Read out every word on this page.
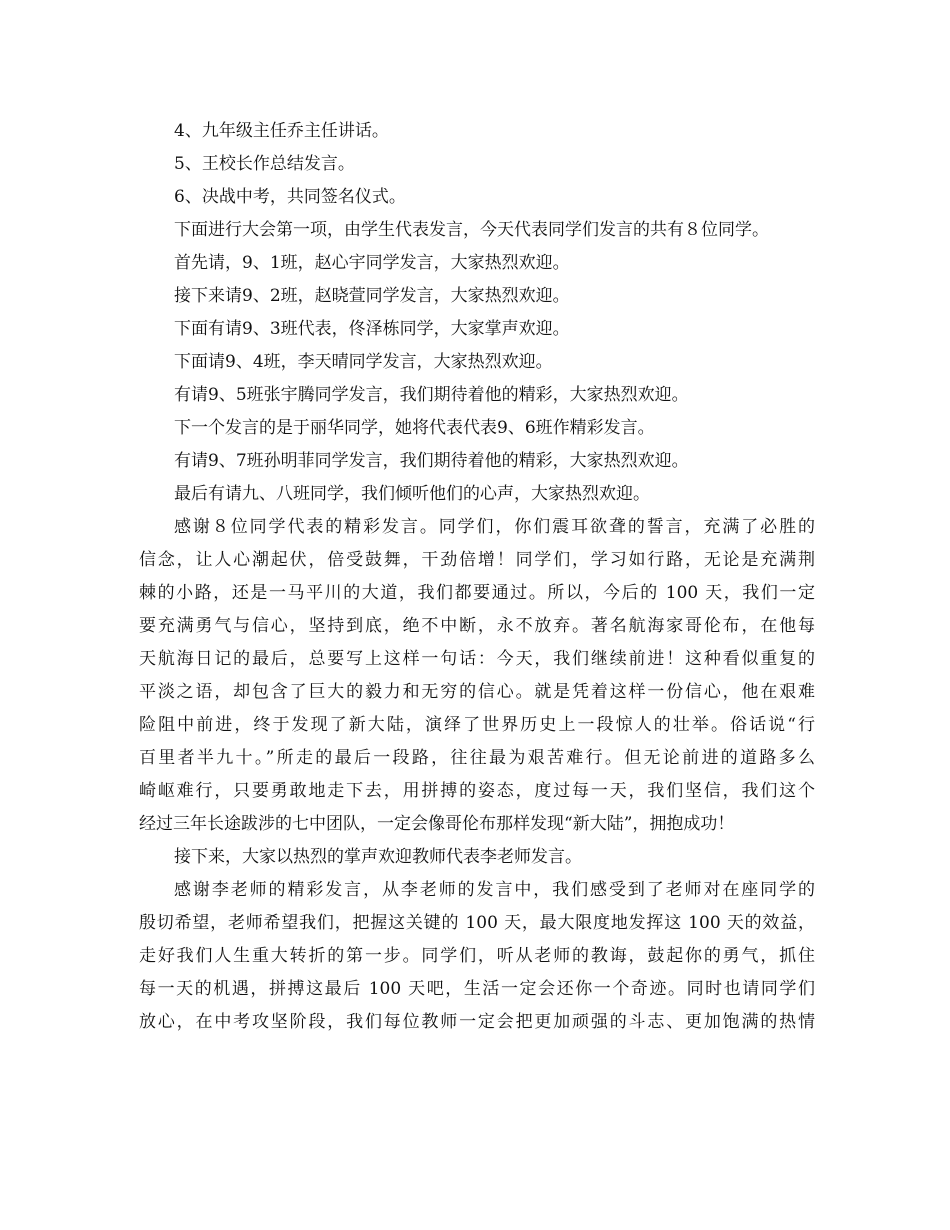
4、九年级主任乔主任讲话。
5、王校长作总结发言。
6、决战中考，共同签名仪式。
下面进行大会第一项，由学生代表发言，今天代表同学们发言的共有８位同学。
首先请，9、1班，赵心宇同学发言，大家热烈欢迎。
接下来请9、2班，赵晓萱同学发言，大家热烈欢迎。
下面有请9、3班代表，佟泽栋同学，大家掌声欢迎。
下面请9、4班，李天晴同学发言，大家热烈欢迎。
有请9、5班张宇腾同学发言，我们期待着他的精彩，大家热烈欢迎。
下一个发言的是于丽华同学，她将代表代表9、6班作精彩发言。
有请9、7班孙明菲同学发言，我们期待着他的精彩，大家热烈欢迎。
最后有请九、八班同学，我们倾听他们的心声，大家热烈欢迎。
感谢８位同学代表的精彩发言。同学们，你们震耳欲聋的誓言，充满了必胜的
信念，让人心潮起伏，倍受鼓舞，干劲倍增！同学们，学习如行路，无论是充满荆
棘的小路，还是一马平川的大道，我们都要通过。所以，今后的 100 天，我们一定
要充满勇气与信心，坚持到底，绝不中断，永不放弃。著名航海家哥伦布，在他每
天航海日记的最后，总要写上这样一句话：今天，我们继续前进！这种看似重复的
平淡之语，却包含了巨大的毅力和无穷的信心。就是凭着这样一份信心，他在艰难
险阻中前进，终于发现了新大陆，演绎了世界历史上一段惊人的壮举。俗话说“行
百里者半九十。”所走的最后一段路，往往最为艰苦难行。但无论前进的道路多么
崎岖难行，只要勇敢地走下去，用拼搏的姿态，度过每一天，我们坚信，我们这个
经过三年长途跋涉的七中团队，一定会像哥伦布那样发现“新大陆”，拥抱成功！
接下来，大家以热烈的掌声欢迎教师代表李老师发言。
感谢李老师的精彩发言，从李老师的发言中，我们感受到了老师对在座同学的
殷切希望，老师希望我们，把握这关键的 100 天，最大限度地发挥这 100 天的效益，
走好我们人生重大转折的第一步。同学们，听从老师的教诲，鼓起你的勇气，抓住
每一天的机遇，拼搏这最后 100 天吧，生活一定会还你一个奇迹。同时也请同学们
放心，在中考攻坚阶段，我们每位教师一定会把更加顽强的斗志、更加饱满的热情
